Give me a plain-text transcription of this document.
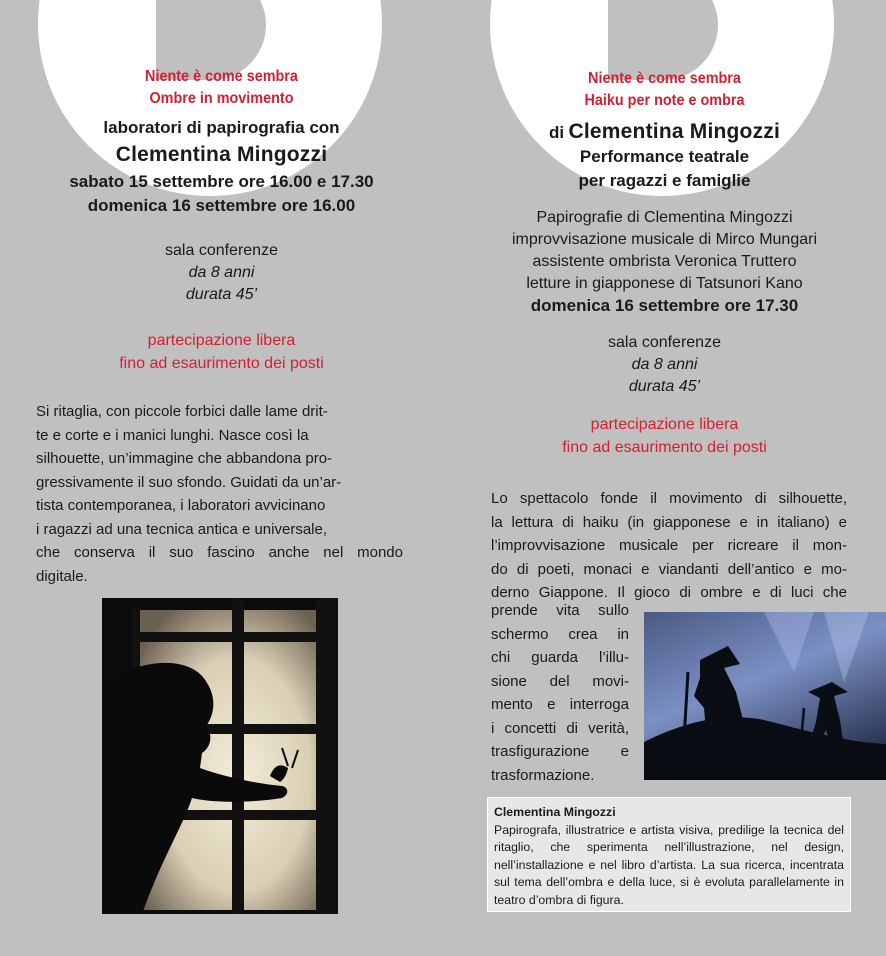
Niente è come sembra
Ombre in movimento
laboratori di papirografia con
Clementina Mingozzi
sabato 15 settembre ore 16.00 e 17.30
domenica 16 settembre ore 16.00
sala conferenze
da 8 anni
durata 45’
partecipazione libera
fino ad esaurimento dei posti
Si ritaglia, con piccole forbici dalle lame drit-
te e corte e i manici lunghi. Nasce così la
silhouette, un’immagine che abbandona pro-
gressivamente il suo sfondo. Guidati da un’ar-
tista contemporanea, i laboratori avvicinano
i ragazzi ad una tecnica antica e universale,
che conserva il suo fascino anche nel mondo
digitale.
Niente è come sembra
Haiku per note e ombra
di Clementina Mingozzi
Performance teatrale
per ragazzi e famiglie
Papirografie di Clementina Mingozzi
improvvisazione musicale di Mirco Mungari
assistente ombrista Veronica Truttero
letture in giapponese di Tatsunori Kano
domenica 16 settembre ore 17.30
sala conferenze
da 8 anni
durata 45’
partecipazione libera
fino ad esaurimento dei posti
Lo spettacolo fonde il movimento di silhouette,
la lettura di haiku (in giapponese e in italiano) e
l’improvvisazione musicale per ricreare il mon-
do di poeti, monaci e viandanti dell’antico e mo-
derno Giappone. Il gioco di ombre e di luci che
prende vita sullo
schermo crea in
chi guarda l’illu-
sione del movi-
mento e interroga
i concetti di verità,
trasfigurazione e
trasformazione.
Clementina Mingozzi
Papirografa, illustratrice e artista visiva, predilige la tecnica del ritaglio, che sperimenta nell’illustrazione, nel design, nell’installazione e nel libro d’artista. La sua ricerca, incentrata sul tema dell’ombra e della luce, si è evoluta parallelamente in teatro d’ombra di figura.
